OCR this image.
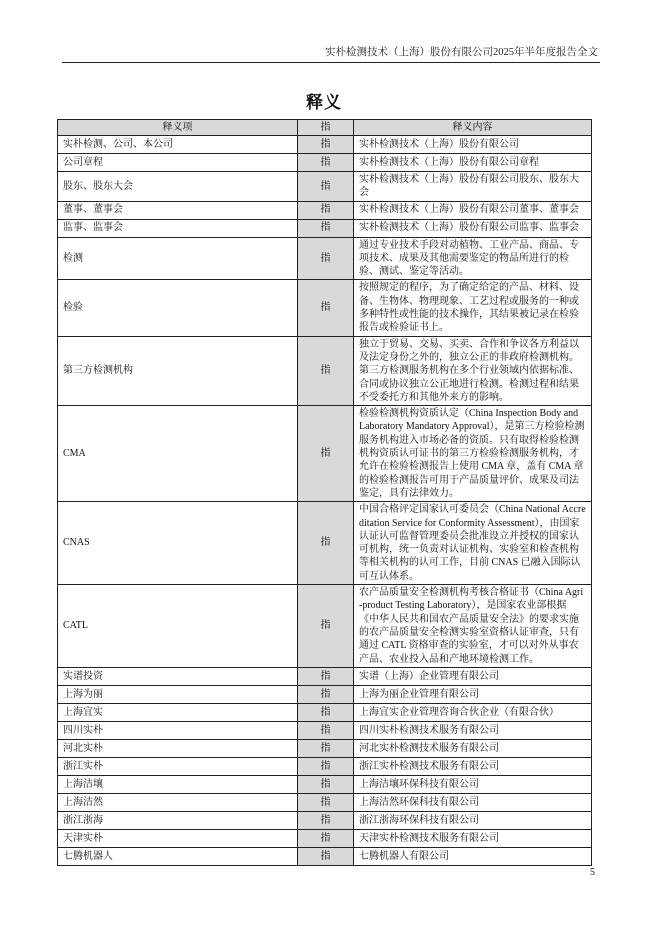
实朴检测技术（上海）股份有限公司2025年半年度报告全文
释义
释义项	指	释义内容
实朴检测、公司、本公司	指	实朴检测技术（上海）股份有限公司
公司章程	指	实朴检测技术（上海）股份有限公司章程
股东、股东大会	指	实朴检测技术（上海）股份有限公司股东、股东大会
董事、董事会	指	实朴检测技术（上海）股份有限公司董事、董事会
监事、监事会	指	实朴检测技术（上海）股份有限公司监事、监事会
检测	指	通过专业技术手段对动植物、工业产品、商品、专项技术、成果及其他需要鉴定的物品所进行的检验、测试、鉴定等活动。
检验	指	按照规定的程序，为了确定给定的产品、材料、设备、生物体、物理现象、工艺过程或服务的一种或多种特性或性能的技术操作，其结果被记录在检验报告或检验证书上。
第三方检测机构	指	独立于贸易、交易、买卖、合作和争议各方利益以及法定身份之外的，独立公正的非政府检测机构。第三方检测服务机构在多个行业领域内依据标准、合同或协议独立公正地进行检测。检测过程和结果不受委托方和其他外来方的影响。
CMA	指	检验检测机构资质认定（China Inspection Body and Laboratory Mandatory Approval），是第三方检验检测服务机构进入市场必备的资质。只有取得检验检测机构资质认可证书的第三方检验检测服务机构，才允许在检验检测报告上使用 CMA 章，盖有 CMA 章的检验检测报告可用于产品质量评价、成果及司法鉴定，具有法律效力。
CNAS	指	中国合格评定国家认可委员会（China National Accreditation Service for Conformity Assessment），由国家认证认可监督管理委员会批准设立并授权的国家认可机构，统一负责对认证机构、实验室和检查机构等相关机构的认可工作，目前 CNAS 已融入国际认可互认体系。
CATL	指	农产品质量安全检测机构考核合格证书（China Agri-product Testing Laboratory），是国家农业部根据《中华人民共和国农产品质量安全法》的要求实施的农产品质量安全检测实验室资格认证审查，只有通过 CATL 资格审查的实验室，才可以对外从事农产品、农业投入品和产地环境检测工作。
实谱投资	指	实谱（上海）企业管理有限公司
上海为丽	指	上海为丽企业管理有限公司
上海宜实	指	上海宜实企业管理咨询合伙企业（有限合伙）
四川实朴	指	四川实朴检测技术服务有限公司
河北实朴	指	河北实朴检测技术服务有限公司
浙江实朴	指	浙江实朴检测技术服务有限公司
上海洁壤	指	上海洁壤环保科技有限公司
上海洁然	指	上海洁然环保科技有限公司
浙江浙海	指	浙江浙海环保科技有限公司
天津实朴	指	天津实朴检测技术服务有限公司
七腾机器人	指	七腾机器人有限公司
5
